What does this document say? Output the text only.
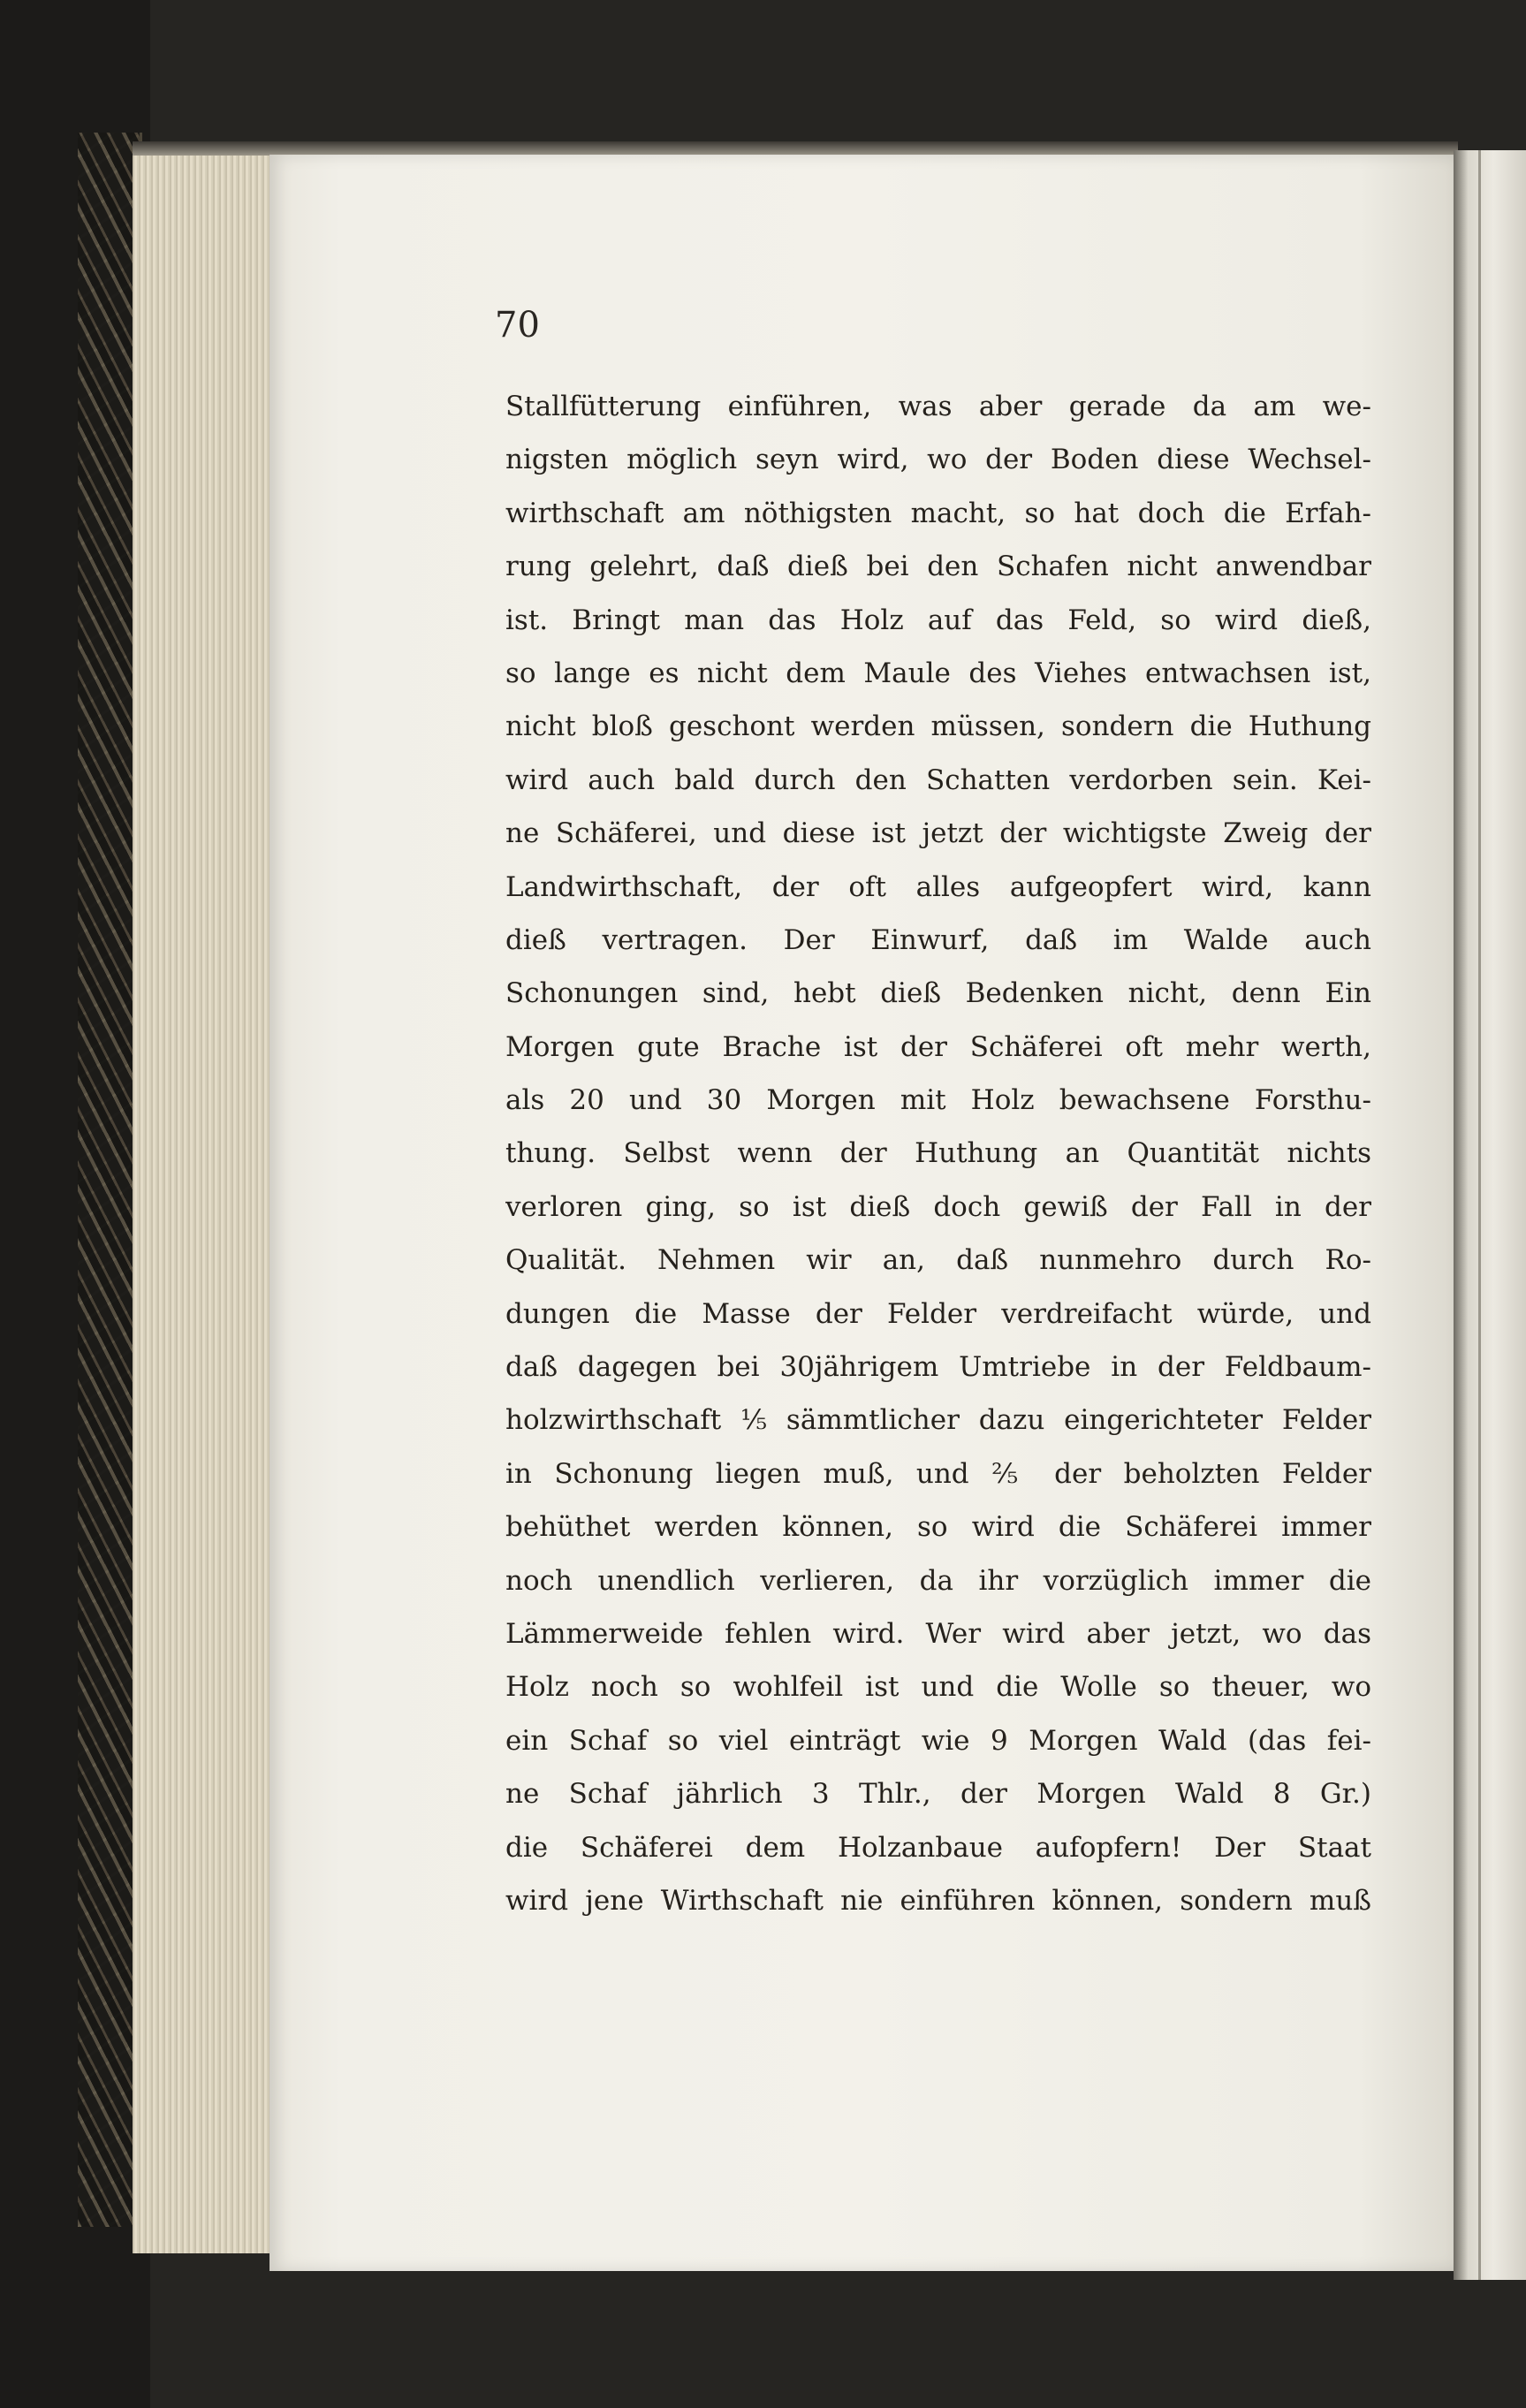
70
Stallfütterung einführen, was aber gerade da am we-
nigsten möglich seyn wird, wo der Boden diese Wechsel-
wirthschaft am nöthigsten macht, so hat doch die Erfah-
rung gelehrt, daß dieß bei den Schafen nicht anwendbar
ist. Bringt man das Holz auf das Feld, so wird dieß,
so lange es nicht dem Maule des Viehes entwachsen ist,
nicht bloß geschont werden müssen, sondern die Huthung
wird auch bald durch den Schatten verdorben sein. Kei-
ne Schäferei, und diese ist jetzt der wichtigste Zweig der
Landwirthschaft, der oft alles aufgeopfert wird, kann
dieß vertragen. Der Einwurf, daß im Walde auch
Schonungen sind, hebt dieß Bedenken nicht, denn Ein
Morgen gute Brache ist der Schäferei oft mehr werth,
als 20 und 30 Morgen mit Holz bewachsene Forsthu-
thung. Selbst wenn der Huthung an Quantität nichts
verloren ging, so ist dieß doch gewiß der Fall in der
Qualität. Nehmen wir an, daß nunmehro durch Ro-
dungen die Masse der Felder verdreifacht würde, und
daß dagegen bei 30jährigem Umtriebe in der Feldbaum-
holzwirthschaft ⅕ sämmtlicher dazu eingerichteter Felder
in Schonung liegen muß, und ⅖ der beholzten Felder
behüthet werden können, so wird die Schäferei immer
noch unendlich verlieren, da ihr vorzüglich immer die
Lämmerweide fehlen wird. Wer wird aber jetzt, wo das
Holz noch so wohlfeil ist und die Wolle so theuer, wo
ein Schaf so viel einträgt wie 9 Morgen Wald (das fei-
ne Schaf jährlich 3 Thlr., der Morgen Wald 8 Gr.)
die Schäferei dem Holzanbaue aufopfern! Der Staat
wird jene Wirthschaft nie einführen können, sondern muß
